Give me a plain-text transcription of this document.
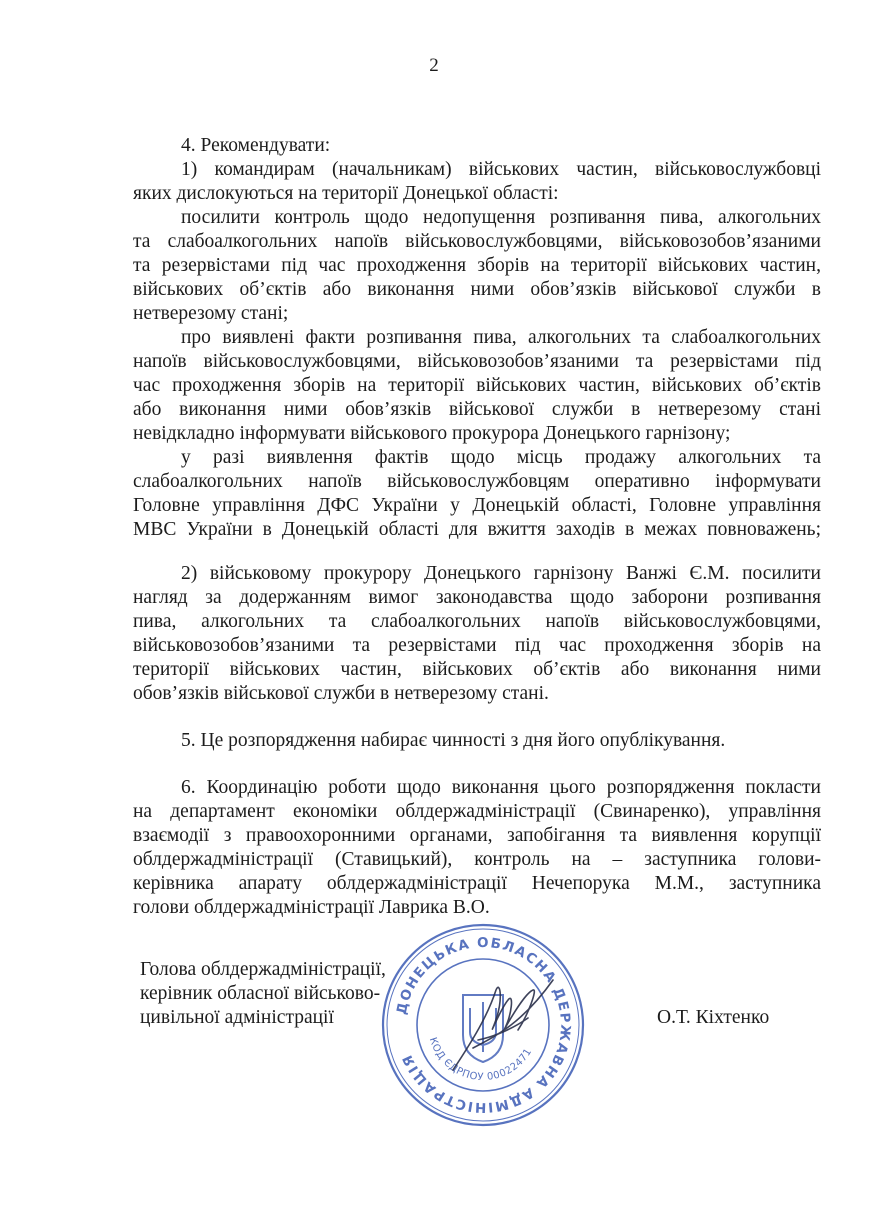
2
4. Рекомендувати:
1) командирам (начальникам) військових частин, військовослужбовці
яких дислокуються на території Донецької області:
посилити контроль щодо недопущення розпивання пива, алкогольних
та слабоалкогольних напоїв військовослужбовцями, військовозобов’язаними
та резервістами під час проходження зборів на території військових частин,
військових об’єктів або виконання ними обов’язків військової служби в
нетверезому стані;
про виявлені факти розпивання пива, алкогольних та слабоалкогольних
напоїв військовослужбовцями, військовозобов’язаними та резервістами під
час проходження зборів на території військових частин, військових об’єктів
або виконання ними обов’язків військової служби в нетверезому стані
невідкладно інформувати військового прокурора Донецького гарнізону;
у разі виявлення фактів щодо місць продажу алкогольних та
слабоалкогольних напоїв військовослужбовцям оперативно інформувати
Головне управління ДФС України у Донецькій області, Головне управління
МВС України в Донецькій області для вжиття заходів в межах повноважень;
2) військовому прокурору Донецького гарнізону Ванжі Є.М. посилити
нагляд за додержанням вимог законодавства щодо заборони розпивання
пива, алкогольних та слабоалкогольних напоїв військовослужбовцями,
військовозобов’язаними та резервістами під час проходження зборів на
території військових частин, військових об’єктів або виконання ними
обов’язків військової служби в нетверезому стані.
5. Це розпорядження набирає чинності з дня його опублікування.
6. Координацію роботи щодо виконання цього розпорядження покласти
на департамент економіки облдержадміністрації (Свинаренко), управління
взаємодії з правоохоронними органами, запобігання та виявлення корупції
облдержадміністрації (Ставицький), контроль на – заступника голови-
керівника апарату облдержадміністрації Нечепорука М.М., заступника
голови облдержадміністрації Лаврика В.О.
Голова облдержадміністрації,
керівник обласної військово-
цивільної адміністрації	О.Т. Кіхтенко
ДОНЕЦЬКА ОБЛАСНА ДЕРЖАВНА АДМІНІСТРАЦІЯ
КОД ЄДРПОУ 00022471
